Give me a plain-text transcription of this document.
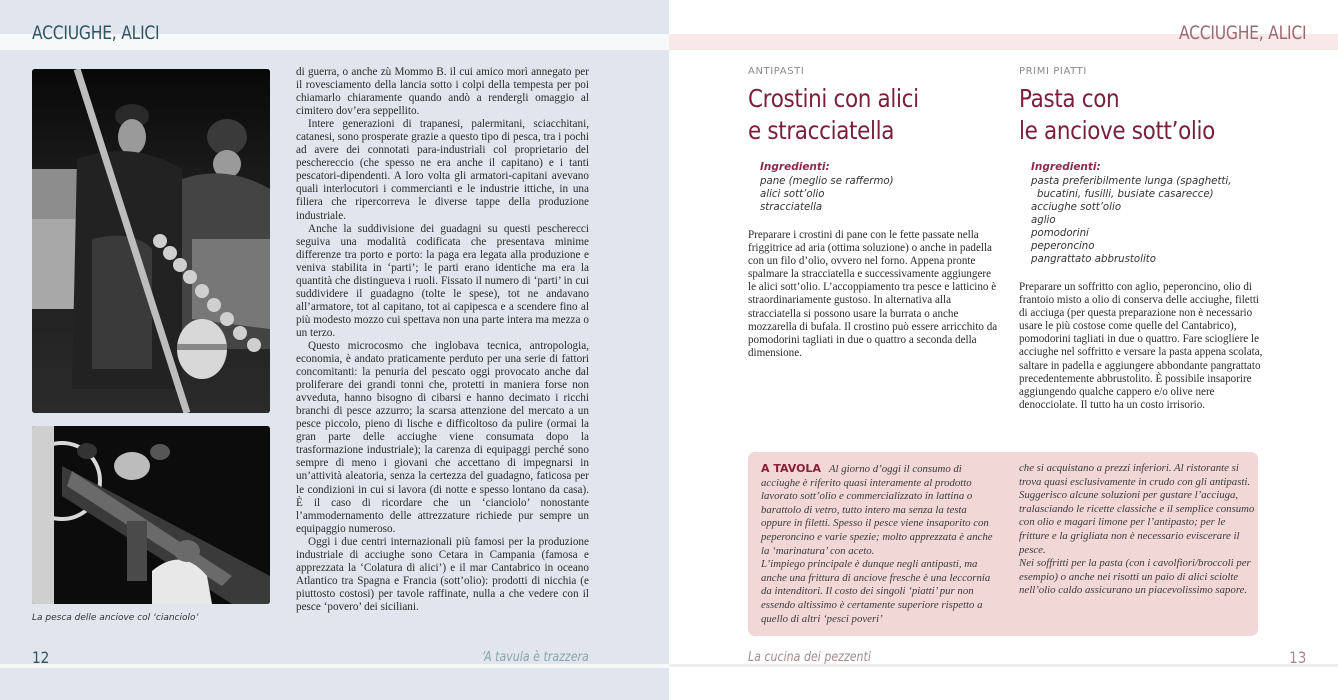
ACCIUGHE, ALICI
La pesca delle anciove col ‘cianciolo’

di guerra, o anche zù Mommo B. il cui amico morì annegato per il rovesciamento della lancia sotto i colpi della tempesta per poi chiamarlo chiaramente quando andò a rendergli omaggio al cimitero dov’era seppellito.

Intere generazioni di trapanesi, palermitani, sciacchitani, catanesi, sono prosperate grazie a questo tipo di pesca, tra i pochi ad avere dei connotati para-industriali col proprietario del peschereccio (che spesso ne era anche il capitano) e i tanti pescatori-dipendenti. A loro volta gli armatori-capitani avevano quali interlocutori i commercianti e le industrie ittiche, in una filiera che ripercorreva le diverse tappe della produzione industriale.

Anche la suddivisione dei guadagni su questi pescherecci seguiva una modalità codificata che presentava minime differenze tra porto e porto: la paga era legata alla produzione e veniva stabilita in ‘parti’; le parti erano identiche ma era la quantità che distingueva i ruoli. Fissato il numero di ‘parti’ in cui suddividere il guadagno (tolte le spese), tot ne andavano all’armatore, tot al capitano, tot ai capipesca e a scendere fino al più modesto mozzo cui spettava non una parte intera ma mezza o un terzo.

Questo microcosmo che inglobava tecnica, antropologia, economia, è andato praticamente perduto per una serie di fattori concomitanti: la penuria del pescato oggi provocato anche dal proliferare dei grandi tonni che, protetti in maniera forse non avveduta, hanno bisogno di cibarsi e hanno decimato i ricchi branchi di pesce azzurro; la scarsa attenzione del mercato a un pesce piccolo, pieno di lische e difficoltoso da pulire (ormai la gran parte delle acciughe viene consumata dopo la trasformazione industriale); la carenza di equipaggi perché sono sempre di meno i giovani che accettano di impegnarsi in un’attività aleatoria, senza la certezza del guadagno, faticosa per le condizioni in cui si lavora (di notte e spesso lontano da casa). È il caso di ricordare che un ‘cianciolo’ nonostante l’ammodernamento delle attrezzature richiede pur sempre un equipaggio numeroso.

Oggi i due centri internazionali più famosi per la produzione industriale di acciughe sono Cetara in Campania (famosa e apprezzata la ‘Colatura di alici’) e il mar Cantabrico in oceano Atlantico tra Spagna e Francia (sott’olio): prodotti di nicchia (e piuttosto costosi) per tavole raffinate, nulla a che vedere con il pesce ‘povero’ dei siciliani.

12	‘A tavula è trazzera
ACCIUGHE, ALICI
ANTIPASTI
Crostini con alici
e stracciatella
Ingredienti:
pane (meglio se raffermo)
alici sott’olio
stracciatella

Preparare i crostini di pane con le fette passate nella friggitrice ad aria (ottima soluzione) o anche in padella con un filo d’olio, ovvero nel forno. Appena pronte spalmare la stracciatella e successivamente aggiungere le alici sott’olio. L’accoppiamento tra pesce e latticino è straordinariamente gustoso. In alternativa alla stracciatella si possono usare la burrata o anche mozzarella di bufala. Il crostino può essere arricchito da pomodorini tagliati in due o quattro a seconda della dimensione.

PRIMI PIATTI
Pasta con
le anciove sott’olio
Ingredienti:
pasta preferibilmente lunga (spaghetti,
bucatini, fusilli, busiate casarecce)
acciughe sott’olio
aglio
pomodorini
peperoncino
pangrattato abbrustolito

Preparare un soffritto con aglio, peperoncino, olio di frantoio misto a olio di conserva delle acciughe, filetti di acciuga (per questa preparazione non è necessario usare le più costose come quelle del Cantabrico), pomodorini tagliati in due o quattro. Fare sciogliere le acciughe nel soffritto e versare la pasta appena scolata, saltare in padella e aggiungere abbondante pangrattato precedentemente abbrustolito. È possibile insaporire aggiungendo qualche cappero e/o olive nere denocciolate. Il tutto ha un costo irrisorio.

A TAVOLA Al giorno d’oggi il consumo di acciughe è riferito quasi interamente al prodotto lavorato sott’olio e commercializzato in lattina o barattolo di vetro, tutto intero ma senza la testa oppure in filetti. Spesso il pesce viene insaporito con peperoncino e varie spezie; molto apprezzata è anche la ‘marinatura’ con aceto.
L’impiego principale è dunque negli antipasti, ma anche una frittura di anciove fresche è una leccornia da intenditori. Il costo dei singoli ‘piatti’ pur non essendo altissimo è certamente superiore rispetto a quello di altri ‘pesci poveri’
che si acquistano a prezzi inferiori. Al ristorante si trova quasi esclusivamente in crudo con gli antipasti.
Suggerisco alcune soluzioni per gustare l’acciuga, tralasciando le ricette classiche e il semplice consumo con olio e magari limone per l’antipasto; per le fritture e la grigliata non è necessario eviscerare il pesce.
Nei soffritti per la pasta (con i cavolfiori/broccoli per esempio) o anche nei risotti un paio di alici sciolte nell’olio caldo assicurano un piacevolissimo sapore.
La cucina dei pezzenti	13
